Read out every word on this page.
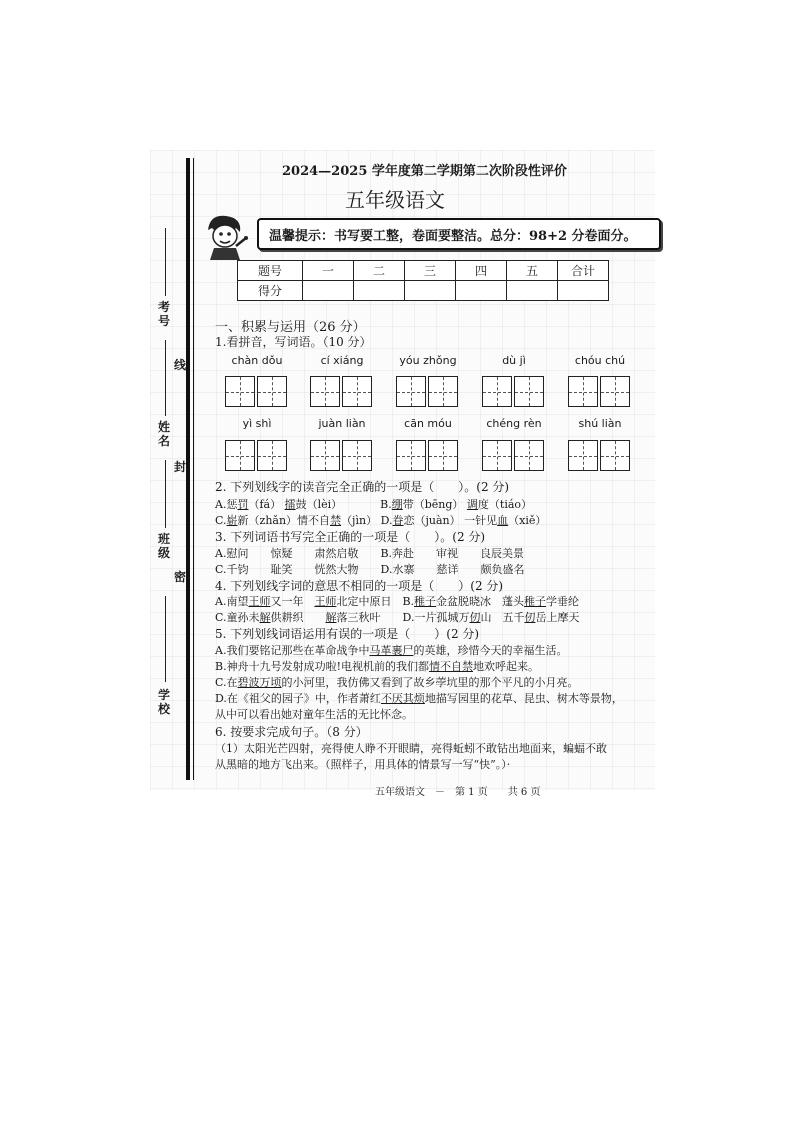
考号
姓名
班级
学校
线
封
密
2024—2025 学年度第二学期第二次阶段性评价
五年级语文
温馨提示：书写要工整，卷面要整洁。总分：98+2 分卷面分。
题号	一	二	三	四	五	合计
得分						
一、积累与运用（26 分）
1.看拼音，写词语。（10 分）
chàn dǒu	cí xiáng	yóu zhǒng	dù jì	chóu chú
yì shì	juàn liàn	cān móu	chéng rèn	shú liàn
2. 下列划线字的读音完全正确的一项是（　　）。(2 分)
A.惩罚（fá） 擂鼓（lèi）	B.绷带（bēng） 调度（tiáo）
C.崭新（zhǎn）情不自禁（jìn） D.眷恋（juàn） 一针见血（xiě）
3. 下列词语书写完全正确的一项是（　　）。(2 分)
A.慰问　　惊疑　　肃然启敬　　B.奔赴　　审视　　良辰美景
C.千钧　　耻笑　　恍然大物　　D.水寨　　慈详　　颇负盛名
4. 下列划线字词的意思不相同的一项是（　　）(2 分)
A.南望王师又一年　王师北定中原日　B.稚子金盆脱晓冰　蓬头稚子学垂纶
C.童孙未解供耕织　　解落三秋叶　　D.一片孤城万仞山　五千仞岳上摩天
5. 下列划线词语运用有误的一项是（　　）(2 分)
A.我们要铭记那些在革命战争中马革裹尸的英雄，珍惜今天的幸福生活。
B.神舟十九号发射成功啦!电视机前的我们都情不自禁地欢呼起来。
C.在碧波万顷的小河里，我仿佛又看到了故乡荸坑里的那个平凡的小月亮。
D.在《祖父的园子》中，作者萧红不厌其烦地描写园里的花草、昆虫、树木等景物，
从中可以看出她对童年生活的无比怀念。
6. 按要求完成句子。（8 分）
（1）太阳光芒四射，亮得使人睁不开眼睛，亮得蚯蚓不敢钻出地面来，蝙蝠不敢
从黑暗的地方飞出来。（照样子，用具体的情景写一写“快”。）·
五年级语文　－　第 1 页　　共 6 页
